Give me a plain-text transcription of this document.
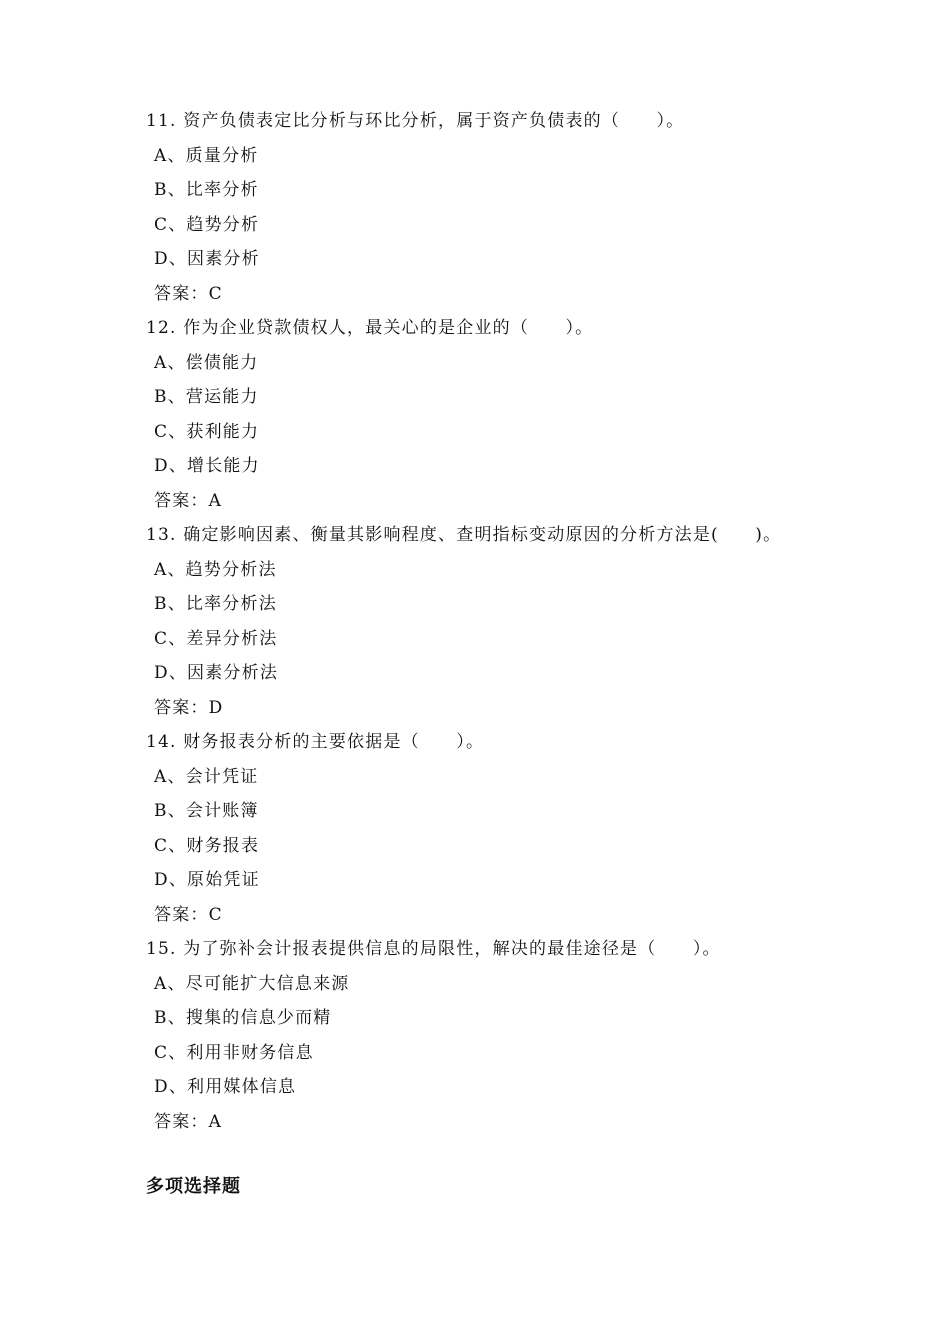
11. 资产负债表定比分析与环比分析，属于资产负债表的（　　）。
A、质量分析
B、比率分析
C、趋势分析
D、因素分析
答案：C
12. 作为企业贷款债权人，最关心的是企业的（　　）。
A、偿债能力
B、营运能力
C、获利能力
D、增长能力
答案：A
13. 确定影响因素、衡量其影响程度、查明指标变动原因的分析方法是(　　)。
A、趋势分析法
B、比率分析法
C、差异分析法
D、因素分析法
答案：D
14. 财务报表分析的主要依据是（　　）。
A、会计凭证
B、会计账簿
C、财务报表
D、原始凭证
答案：C
15. 为了弥补会计报表提供信息的局限性，解决的最佳途径是（　　）。
A、尽可能扩大信息来源
B、搜集的信息少而精
C、利用非财务信息
D、利用媒体信息
答案：A
多项选择题
